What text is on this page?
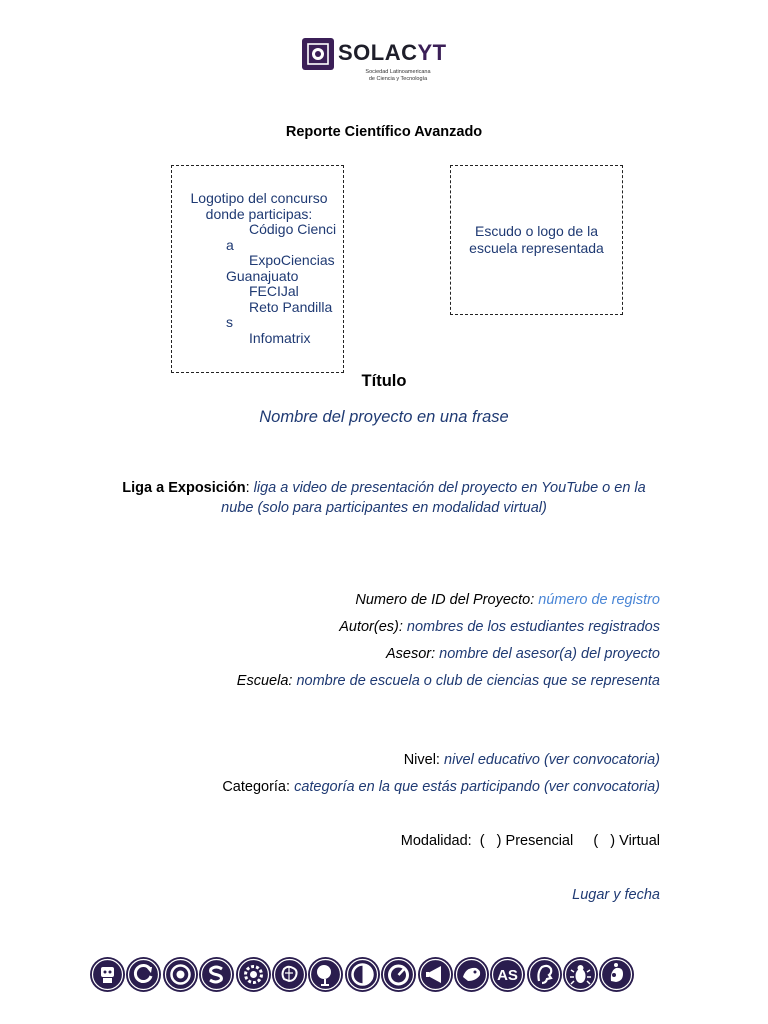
SOLACYT
Sociedad Latinoamericana
de Ciencia y Tecnología
Reporte Científico Avanzado
Logotipo del concurso donde participas:
Código Ciencia
ExpoCiencias Guanajuato
FECIJal
Reto Pandillas
Infomatrix
Escudo o logo de la escuela representada
Título
Nombre del proyecto en una frase
Liga a Exposición: liga a video de presentación del proyecto en YouTube o en la nube (solo para participantes en modalidad virtual)
Numero de ID del Proyecto: número de registro
Autor(es): nombres de los estudiantes registrados
Asesor: nombre del asesor(a) del proyecto
Escuela: nombre de escuela o club de ciencias que se representa
Nivel: nivel educativo (ver convocatoria)
Categoría: categoría en la que estás participando (ver convocatoria)
Modalidad: (   ) Presencial (   ) Virtual
Lugar y fecha
AS
